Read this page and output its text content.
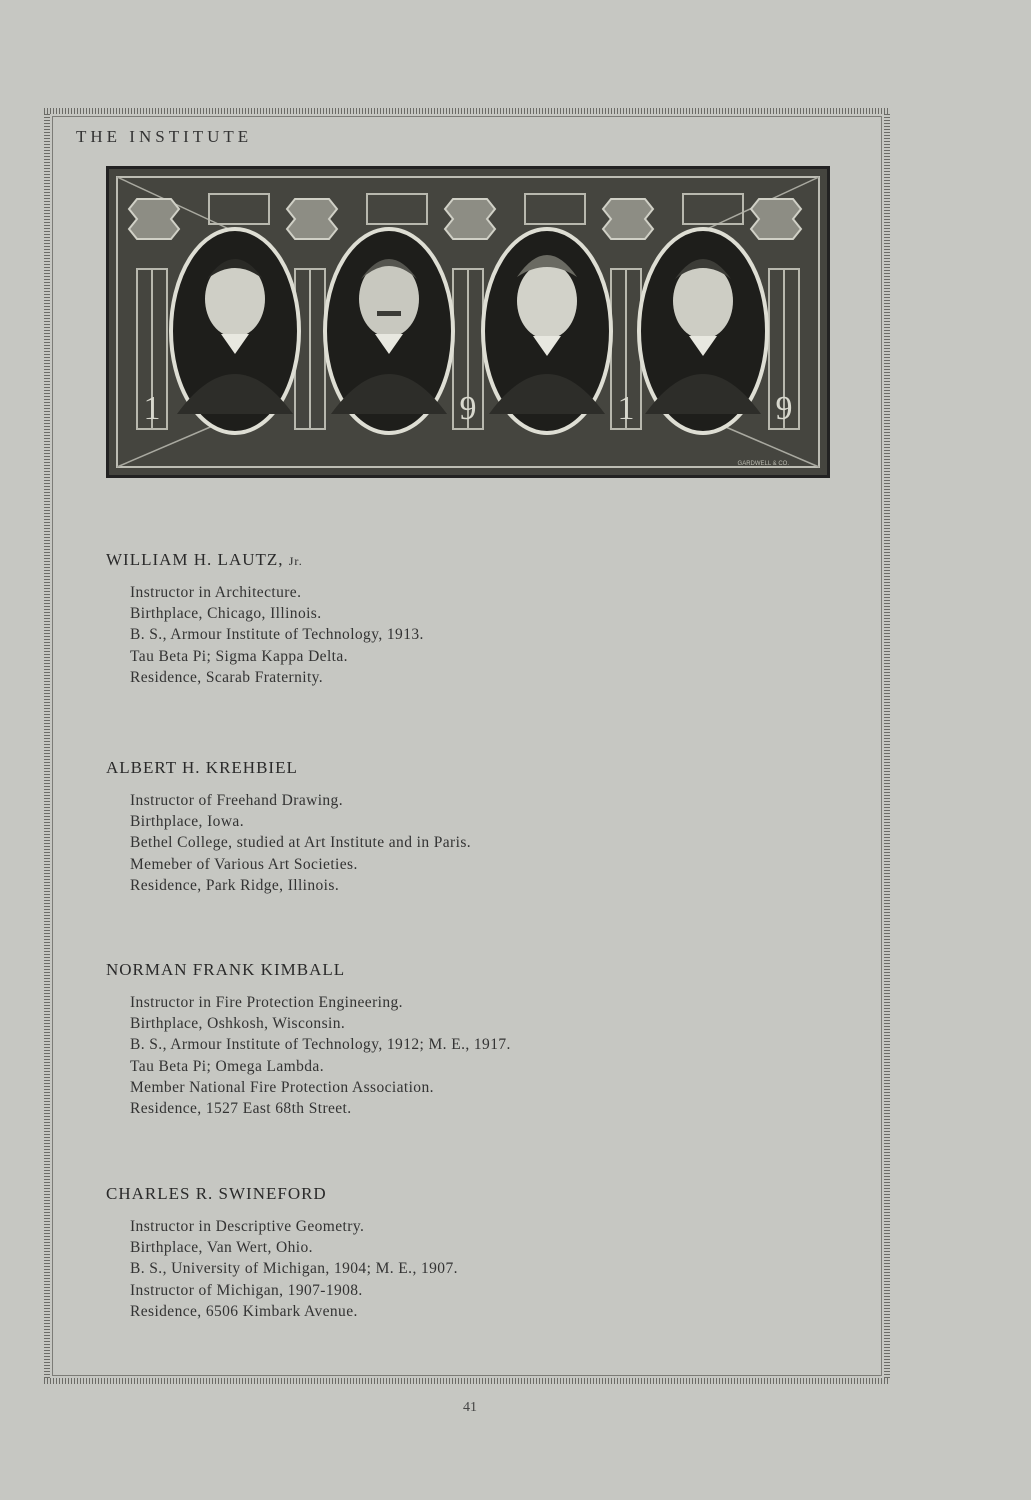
THE INSTITUTE
1	9	1	9
GARDWELL & CO.
WILLIAM H. LAUTZ, Jr.
Instructor in Architecture.
Birthplace, Chicago, Illinois.
B. S., Armour Institute of Technology, 1913.
Tau Beta Pi; Sigma Kappa Delta.
Residence, Scarab Fraternity.
ALBERT H. KREHBIEL
Instructor of Freehand Drawing.
Birthplace, Iowa.
Bethel College, studied at Art Institute and in Paris.
Memeber of Various Art Societies.
Residence, Park Ridge, Illinois.
NORMAN FRANK KIMBALL
Instructor in Fire Protection Engineering.
Birthplace, Oshkosh, Wisconsin.
B. S., Armour Institute of Technology, 1912; M. E., 1917.
Tau Beta Pi; Omega Lambda.
Member National Fire Protection Association.
Residence, 1527 East 68th Street.
CHARLES R. SWINEFORD
Instructor in Descriptive Geometry.
Birthplace, Van Wert, Ohio.
B. S., University of Michigan, 1904; M. E., 1907.
Instructor of Michigan, 1907-1908.
Residence, 6506 Kimbark Avenue.
41
